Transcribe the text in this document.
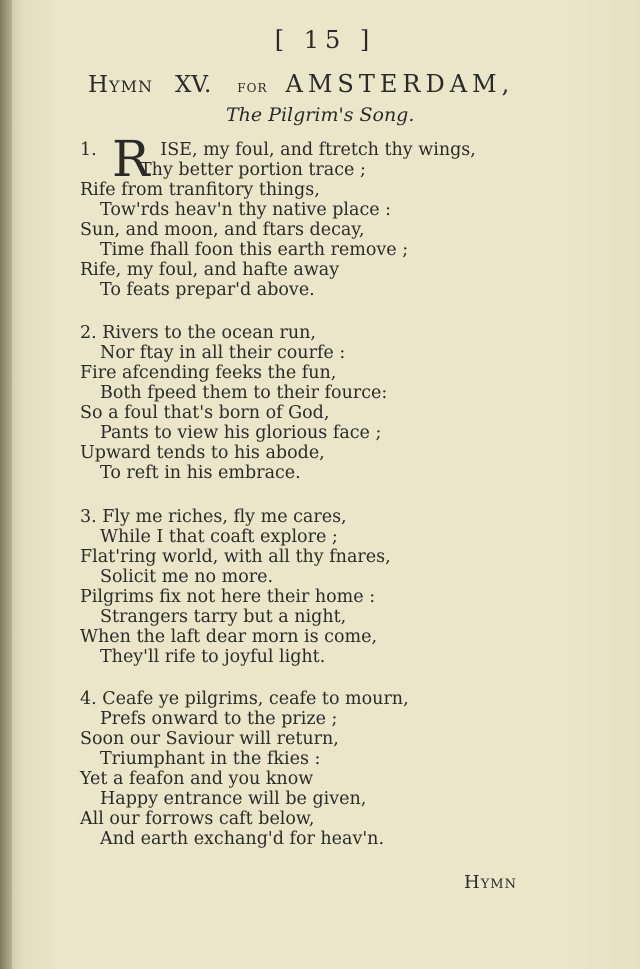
[ 15 ]
Hymn XV. for AMSTERDAM,
The Pilgrim's Song.
1. R ISE, my foul, and ftretch thy wings,
Thy better portion trace ;
Rife from tranfitory things,
Tow'rds heav'n thy native place :
Sun, and moon, and ftars decay,
Time fhall foon this earth remove ;
Rife, my foul, and hafte away
To feats prepar'd above.
2. Rivers to the ocean run,
Nor ftay in all their courfe :
Fire afcending feeks the fun,
Both fpeed them to their fource:
So a foul that's born of God,
Pants to view his glorious face ;
Upward tends to his abode,
To reft in his embrace.
3. Fly me riches, fly me cares,
While I that coaft explore ;
Flat'ring world, with all thy fnares,
Solicit me no more.
Pilgrims fix not here their home :
Strangers tarry but a night,
When the laft dear morn is come,
They'll rife to joyful light.
4. Ceafe ye pilgrims, ceafe to mourn,
Prefs onward to the prize ;
Soon our Saviour will return,
Triumphant in the fkies :
Yet a feafon and you know
Happy entrance will be given,
All our forrows caft below,
And earth exchang'd for heav'n.
Hymn
